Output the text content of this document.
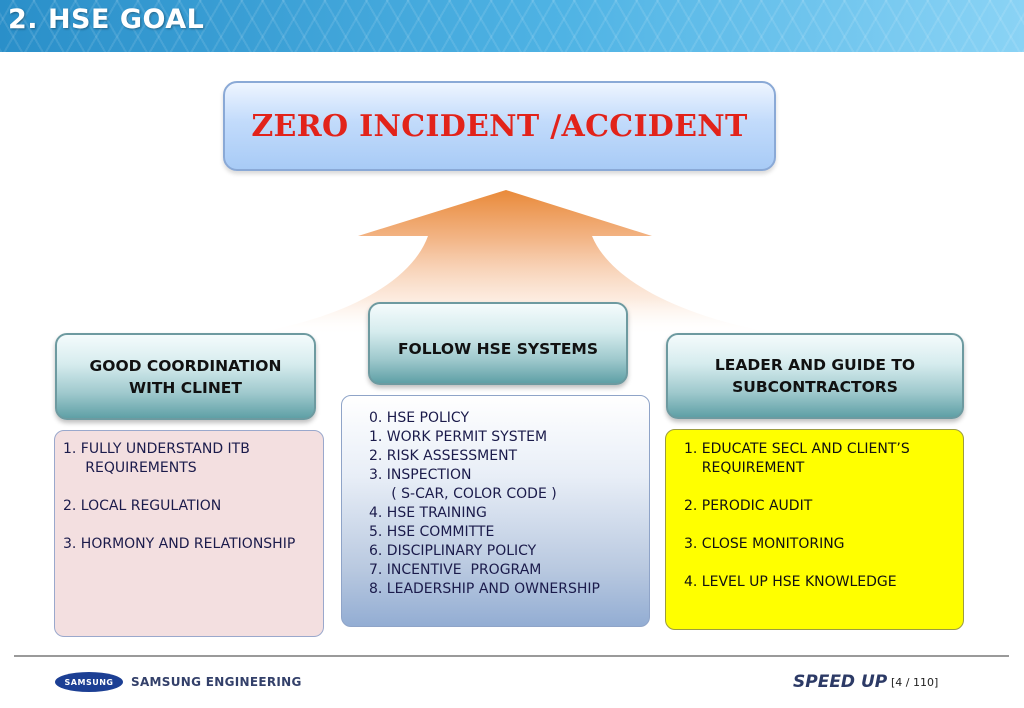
2. HSE GOAL
ZERO INCIDENT /ACCIDENT
GOOD COORDINATION
WITH CLINET
FOLLOW HSE SYSTEMS
LEADER AND GUIDE TO
SUBCONTRACTORS
1. FULLY UNDERSTAND ITB
REQUIREMENTS
2. LOCAL REGULATION
3. HORMONY AND RELATIONSHIP
0. HSE POLICY
1. WORK PERMIT SYSTEM
2. RISK ASSESSMENT
3. INSPECTION
( S-CAR, COLOR CODE )
4. HSE TRAINING
5. HSE COMMITTE
6. DISCIPLINARY POLICY
7. INCENTIVE  PROGRAM
8. LEADERSHIP AND OWNERSHIP
1. EDUCATE SECL AND CLIENT’S
REQUIREMENT
2. PERODIC AUDIT
3. CLOSE MONITORING
4. LEVEL UP HSE KNOWLEDGE
SAMSUNG SAMSUNG ENGINEERING	SPEED UP [4 / 110]
